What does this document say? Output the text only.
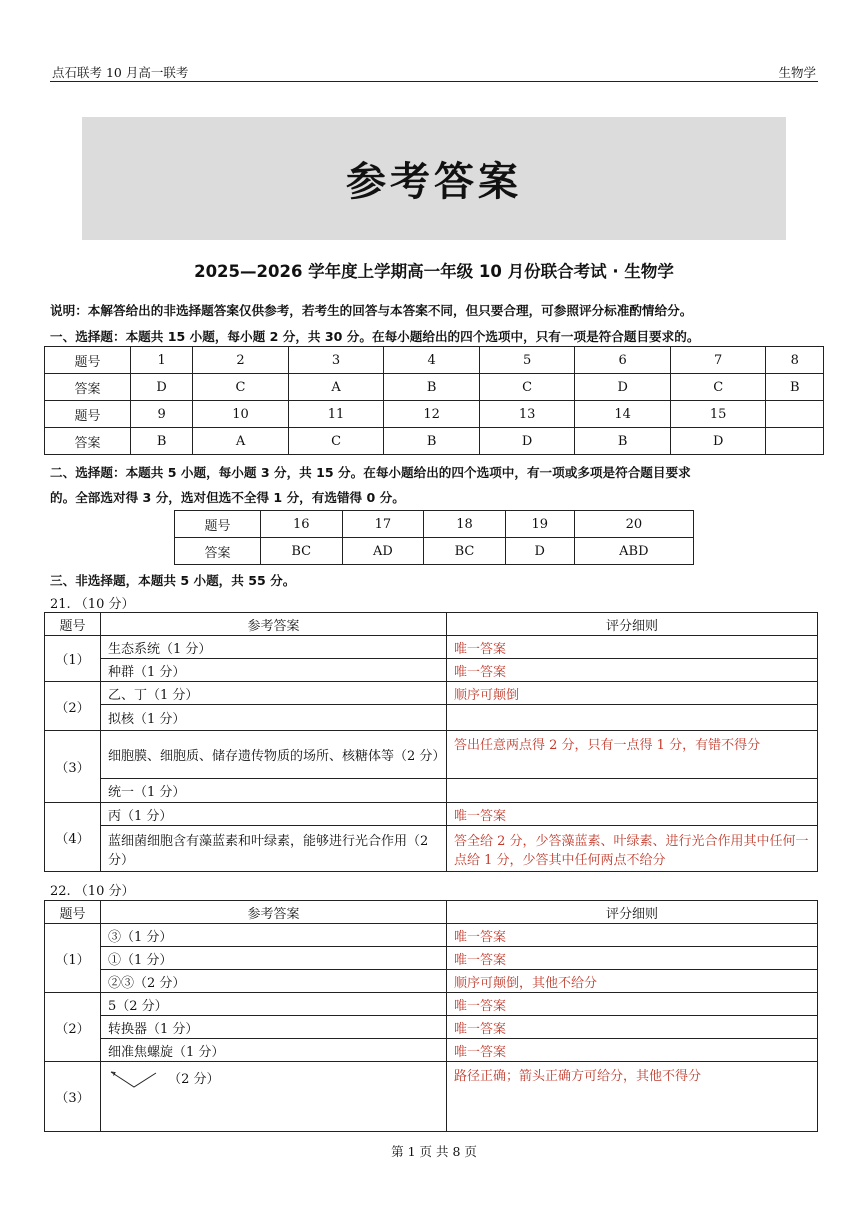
点石联考 10 月高一联考	生物学
参考答案
2025—2026 学年度上学期高一年级 10 月份联合考试 · 生物学
说明：本解答给出的非选择题答案仅供参考，若考生的回答与本答案不同，但只要合理，可参照评分标准酌情给分。
一、选择题：本题共 15 小题，每小题 2 分，共 30 分。在每小题给出的四个选项中，只有一项是符合题目要求的。
题号	1	2	3	4	5	6	7	8
答案	D	C	A	B	C	D	C	B
题号	9	10	11	12	13	14	15	
答案	B	A	C	B	D	B	D	
二、选择题：本题共 5 小题，每小题 3 分，共 15 分。在每小题给出的四个选项中，有一项或多项是符合题目要求
的。全部选对得 3 分，选对但选不全得 1 分，有选错得 0 分。
题号	16	17	18	19	20
答案	BC	AD	BC	D	ABD
三、非选择题，本题共 5 小题，共 55 分。
21. （10 分）
题号	参考答案	评分细则
（1）	生态系统（1 分）	唯一答案
	种群（1 分）	唯一答案
（2）	乙、丁（1 分）	顺序可颠倒
	拟核（1 分）	
（3）	细胞膜、细胞质、储存遗传物质的场所、核糖体等（2 分）	答出任意两点得 2 分，只有一点得 1 分，有错不得分
	统一（1 分）	
（4）	丙（1 分）	唯一答案
	蓝细菌细胞含有藻蓝素和叶绿素，能够进行光合作用（2 分）	答全给 2 分，少答藻蓝素、叶绿素、进行光合作用其中任何一点给 1 分，少答其中任何两点不给分
22. （10 分）
题号	参考答案	评分细则
（1）	③（1 分）	唯一答案
	①（1 分）	唯一答案
	②③（2 分）	顺序可颠倒，其他不给分
（2）	5（2 分）	唯一答案
	转换器（1 分）	唯一答案
	细准焦螺旋（1 分）	唯一答案
（3）	（2 分）	路径正确；箭头正确方可给分，其他不得分
第 1 页 共 8 页
